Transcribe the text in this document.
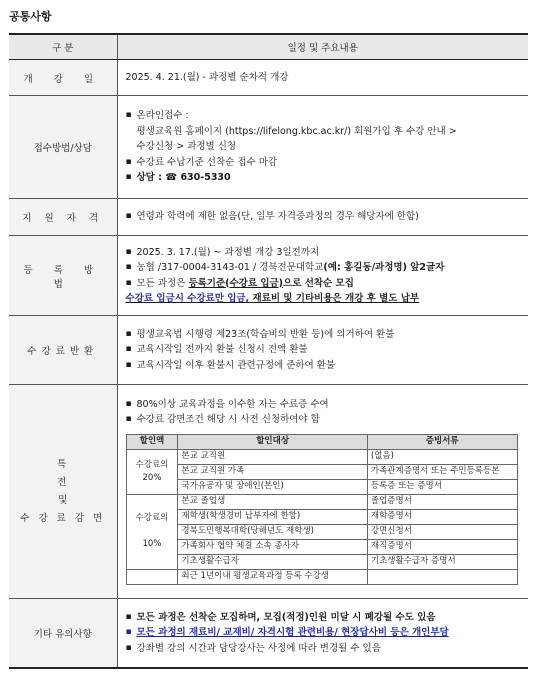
공통사항
구 분	일정 및 주요내용
개 강 일	2025. 4. 21.(월) - 과정별 순차적 개강
접수방법/상담	
▪ 온라인접수 :
평생교육원 홈페이지 (https://lifelong.kbc.ac.kr/) 회원가입 후 수강 안내 >
수강신청 > 과정별 신청
▪ 수강료 수납기준 선착순 접수 마감
▪ 상담 : ☎ 630-5330

지 원 자 격	
▪연령과 학력에 제한 없음(단, 일부 자격증과정의 경우 해당자에 한함)

등 록 방 법	
▪ 2025. 3. 17.(월) ~ 과정별 개강 3일전까지
▪ 농협 /317-0004-3143-01 / 경북전문대학교(예: 홍길동/과정명) 앞2글자
▪ 모든 과정은 등록기준(수강료 입금)으로 선착순 모집
수강료 입금시 수강료만 입금, 재료비 및 기타비용은 개강 후 별도 납부

수강료반환	
▪ 평생교육법 시행령 제23조(학습비의 반환 등)에 의거하여 환불
▪ 교육시작일 전까지 환불 신청시 전액 환불
▪ 교육시작일 이후 환불시 관련규정에 준하여 환불

특 전
및
수 강 료 감 면

▪ 80%이상 교육과정을 이수한 자는 수료증 수여
▪ 수강료 감면조건 해당 시 사전 신청하여야 함
할인액	할인대상	증빙서류
수강료의
20%	본교 교직원	(없음)
본교 교직원 가족	가족관계증명서 또는 주민등록등본
국가유공자 및 장애인(본인)	등록증 또는 증명서
수강료의

10%	본교 졸업생	졸업증명서
재학생(학생경비 납부자에 한함)	재학증명서
경북도민행복대학(당해년도 재학생)	강면신청서
가족회사 협약 체결 소속 종사자	재직증명서
기초생활수급자	기초생활수급자 증명서
	최근 1년이내 평생교육과정 등록 수강생	

기타 유의사항	
▪ 모든 과정은 선착순 모집하며, 모집(적정)인원 미달 시 폐강될 수도 있음
▪ 모든 과정의 재료비/ 교재비/ 자격시험 관련비용/ 현장답사비 등은 개인부담
▪ 강좌별 강의 시간과 담당강사는 사정에 따라 변경될 수 있음
